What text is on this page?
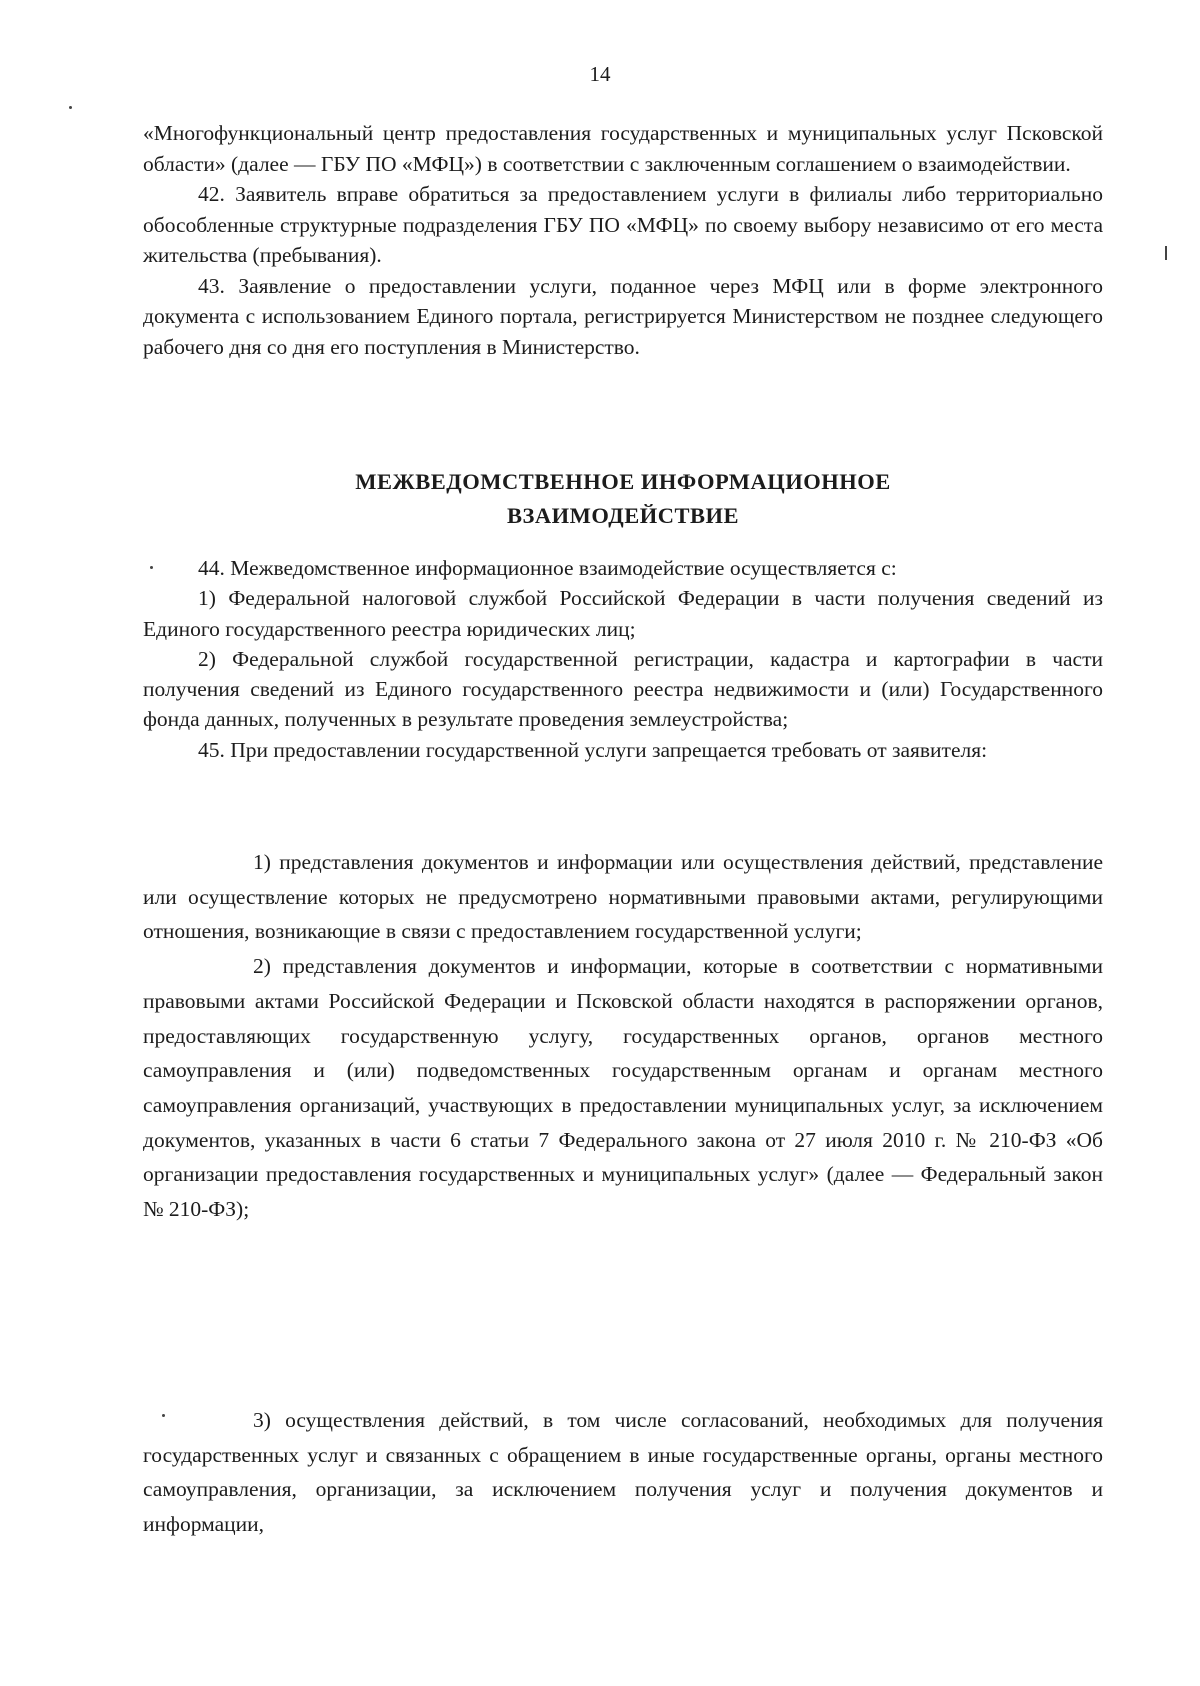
14

«Многофункциональный центр предоставления государственных и муниципальных услуг Псковской области» (далее — ГБУ ПО «МФЦ») в соответствии с заключенным соглашением о взаимодействии.

42. Заявитель вправе обратиться за предоставлением услуги в филиалы либо территориально обособленные структурные подразделения ГБУ ПО «МФЦ» по своему выбору независимо от его места жительства (пребывания).

43. Заявление о предоставлении услуги, поданное через МФЦ или в форме электронного документа с использованием Единого портала, регистрируется Министерством не позднее следующего рабочего дня со дня его поступления в Министерство.

МЕЖВЕДОМСТВЕННОЕ ИНФОРМАЦИОННОЕ
ВЗАИМОДЕЙСТВИЕ

44. Межведомственное информационное взаимодействие осуществляется с:

1) Федеральной налоговой службой Российской Федерации в части получения сведений из Единого государственного реестра юридических лиц;

2) Федеральной службой государственной регистрации, кадастра и картографии в части получения сведений из Единого государственного реестра недвижимости и (или) Государственного фонда данных, полученных в результате проведения землеустройства;

45. При предоставлении государственной услуги запрещается требовать от заявителя:

1) представления документов и информации или осуществления действий, представление или осуществление которых не предусмотрено нормативными правовыми актами, регулирующими отношения, возникающие в связи с предоставлением государственной услуги;

2) представления документов и информации, которые в соответствии с нормативными правовыми актами Российской Федерации и Псковской области находятся в распоряжении органов, предоставляющих государственную услугу, государственных органов, органов местного самоуправления и (или) подведомственных государственным органам и органам местного самоуправления организаций, участвующих в предоставлении муниципальных услуг, за исключением документов, указанных в части 6 статьи 7 Федерального закона от 27 июля 2010 г. № 210-ФЗ «Об организации предоставления государственных и муниципальных услуг» (далее — Федеральный закон № 210-ФЗ);

3) осуществления действий, в том числе согласований, необходимых для получения государственных услуг и связанных с обращением в иные государственные органы, органы местного самоуправления, организации, за исключением получения услуг и получения документов и информации,
